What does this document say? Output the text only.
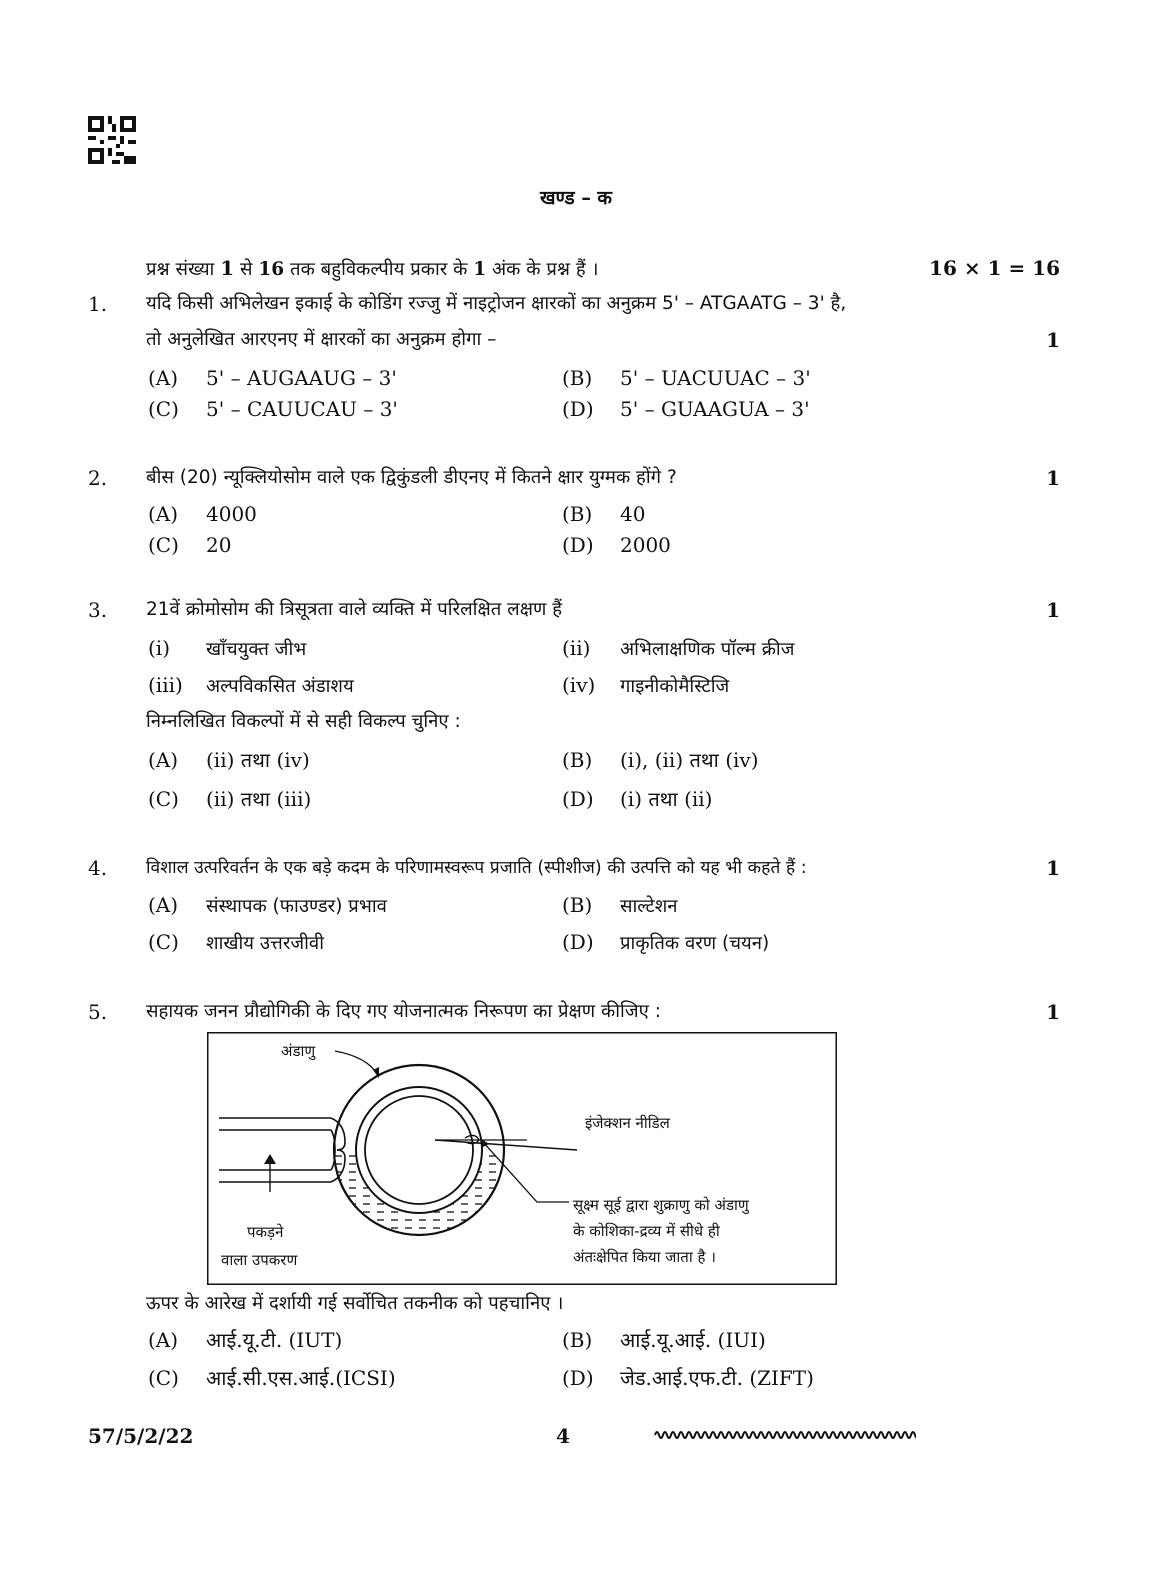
खण्ड – क
प्रश्न संख्या 1 से 16 तक बहुविकल्पीय प्रकार के 1 अंक के प्रश्न हैं ।	16 × 1 = 16
1. यदि किसी अभिलेखन इकाई के कोडिंग रज्जु में नाइट्रोजन क्षारकों का अनुक्रम 5' – ATGAATG – 3' है,
तो अनुलेखित आरएनए में क्षारकों का अनुक्रम होगा –	1
(A) 5' – AUGAAUG – 3'	(B) 5' – UACUUAC – 3'
(C) 5' – CAUUCAU – 3'	(D) 5' – GUAAGUA – 3'
2. बीस (20) न्यूक्लियोसोम वाले एक द्विकुंडली डीएनए में कितने क्षार युग्मक होंगे ?	1
(A) 4000	(B) 40
(C) 20	(D) 2000
3. 21वें क्रोमोसोम की त्रिसूत्रता वाले व्यक्ति में परिलक्षित लक्षण हैं	1
(i) खाँचयुक्त जीभ	(ii) अभिलाक्षणिक पॉल्म क्रीज
(iii) अल्पविकसित अंडाशय	(iv) गाइनीकोमैस्टिजि
निम्नलिखित विकल्पों में से सही विकल्प चुनिए :
(A) (ii) तथा (iv)	(B) (i), (ii) तथा (iv)
(C) (ii) तथा (iii)	(D) (i) तथा (ii)
4. विशाल उत्परिवर्तन के एक बड़े कदम के परिणामस्वरूप प्रजाति (स्पीशीज) की उत्पत्ति को यह भी कहते हैं :	1
(A) संस्थापक (फाउण्डर) प्रभाव	(B) साल्टेशन
(C) शाखीय उत्तरजीवी	(D) प्राकृतिक वरण (चयन)
5. सहायक जनन प्रौद्योगिकी के दिए गए योजनात्मक निरूपण का प्रेक्षण कीजिए :	1
अंडाणु
इंजेक्शन नीडिल
पकड़ने
वाला उपकरण
सूक्ष्म सूई द्वारा शुक्राणु को अंडाणु
के कोशिका-द्रव्य में सीधे ही
अंतःक्षेपित किया जाता है ।
ऊपर के आरेख में दर्शायी गई सर्वोचित तकनीक को पहचानिए ।
(A) आई.यू.टी. (IUT)	(B) आई.यू.आई. (IUI)
(C) आई.सी.एस.आई.(ICSI)	(D) जेड.आई.एफ.टी. (ZIFT)
57/5/2/22	4
